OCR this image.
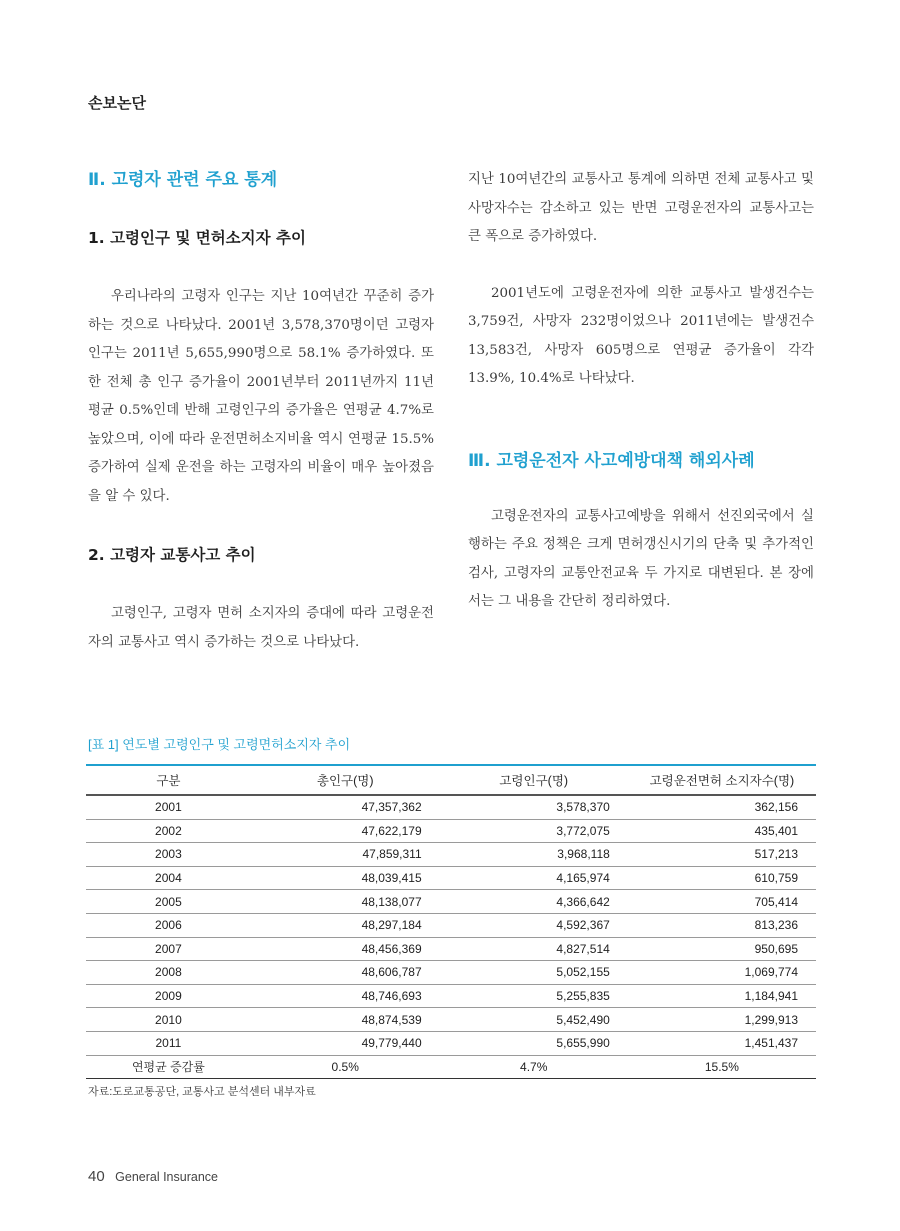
손보논단
Ⅱ. 고령자 관련 주요 통계
1. 고령인구 및 면허소지자 추이

우리나라의 고령자 인구는 지난 10여년간 꾸준히 증가하는 것으로 나타났다. 2001년 3,578,370명이던 고령자 인구는 2011년 5,655,990명으로 58.1% 증가하였다. 또한 전체 총 인구 증가율이 2001년부터 2011년까지 11년 평균 0.5%인데 반해 고령인구의 증가율은 연평균 4.7%로 높았으며, 이에 따라 운전면허소지비율 역시 연평균 15.5% 증가하여 실제 운전을 하는 고령자의 비율이 매우 높아졌음을 알 수 있다.

2. 고령자 교통사고 추이

고령인구, 고령자 면허 소지자의 증대에 따라 고령운전자의 교통사고 역시 증가하는 것으로 나타났다.

지난 10여년간의 교통사고 통계에 의하면 전체 교통사고 및 사망자수는 감소하고 있는 반면 고령운전자의 교통사고는 큰 폭으로 증가하였다.

2001년도에 고령운전자에 의한 교통사고 발생건수는 3,759건, 사망자 232명이었으나 2011년에는 발생건수 13,583건, 사망자 605명으로 연평균 증가율이 각각 13.9%, 10.4%로 나타났다.

Ⅲ. 고령운전자 사고예방대책 해외사례

고령운전자의 교통사고예방을 위해서 선진외국에서 실행하는 주요 정책은 크게 면허갱신시기의 단축 및 추가적인 검사, 고령자의 교통안전교육 두 가지로 대변된다. 본 장에서는 그 내용을 간단히 정리하였다.

[표 1] 연도별 고령인구 및 고령면허소지자 추이
구분	총인구(명)	고령인구(명)	고령운전면허 소지자수(명)
2001	47,357,362	3,578,370	362,156
2002	47,622,179	3,772,075	435,401
2003	47,859,311	3,968,118	517,213
2004	48,039,415	4,165,974	610,759
2005	48,138,077	4,366,642	705,414
2006	48,297,184	4,592,367	813,236
2007	48,456,369	4,827,514	950,695
2008	48,606,787	5,052,155	1,069,774
2009	48,746,693	5,255,835	1,184,941
2010	48,874,539	5,452,490	1,299,913
2011	49,779,440	5,655,990	1,451,437
연평균 증감률	0.5%	4.7%	15.5%
자료:도로교통공단, 교통사고 분석센터 내부자료
40 General Insurance
